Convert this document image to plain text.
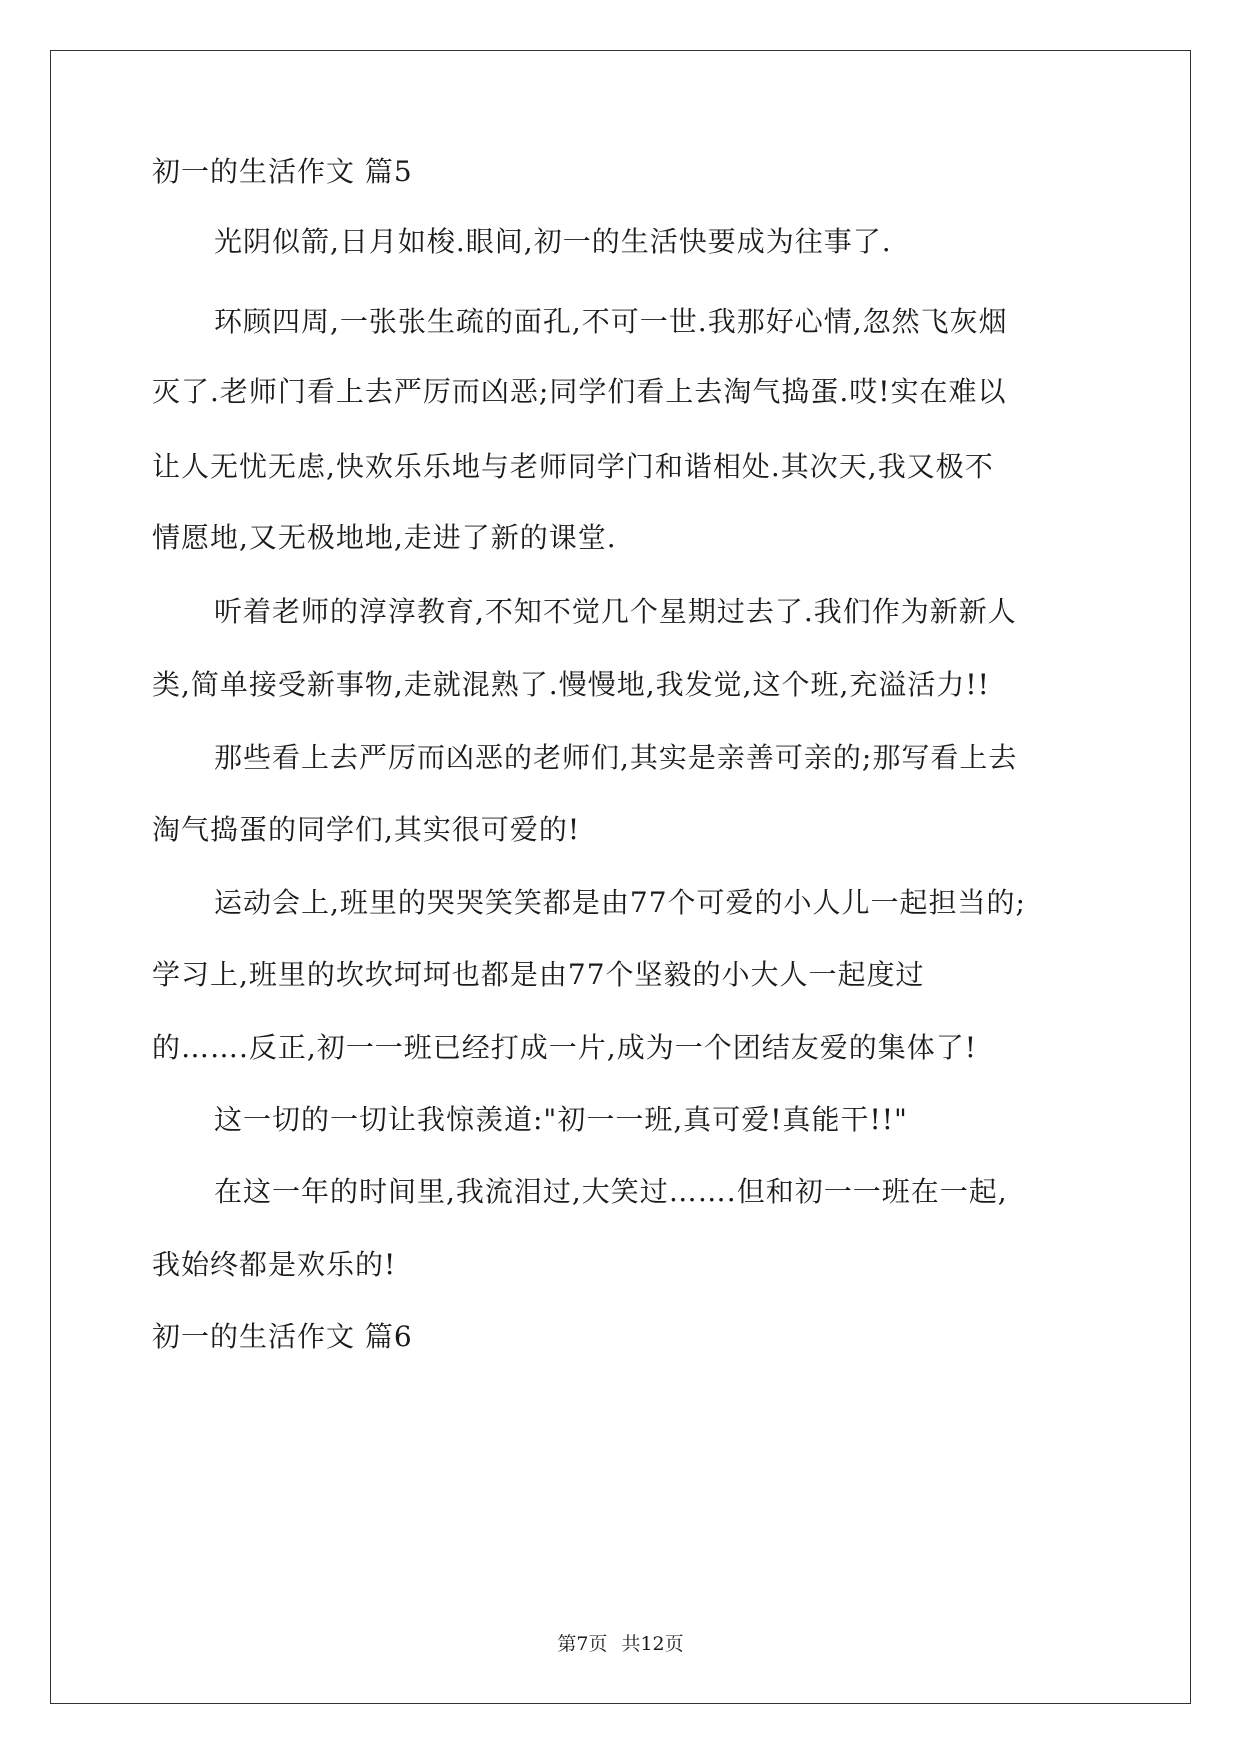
初一的生活作文 篇5
光阴似箭,日月如梭.眼间,初一的生活快要成为往事了.
环顾四周,一张张生疏的面孔,不可一世.我那好心情,忽然飞灰烟
灭了.老师门看上去严厉而凶恶;同学们看上去淘气捣蛋.哎!实在难以
让人无忧无虑,快欢乐乐地与老师同学门和谐相处.其次天,我又极不
情愿地,又无极地地,走进了新的课堂.
听着老师的淳淳教育,不知不觉几个星期过去了.我们作为新新人
类,简单接受新事物,走就混熟了.慢慢地,我发觉,这个班,充溢活力!!
那些看上去严厉而凶恶的老师们,其实是亲善可亲的;那写看上去
淘气捣蛋的同学们,其实很可爱的!
运动会上,班里的哭哭笑笑都是由77个可爱的小人儿一起担当的;
学习上,班里的坎坎坷坷也都是由77个坚毅的小大人一起度过
的…….反正,初一一班已经打成一片,成为一个团结友爱的集体了!
这一切的一切让我惊羡道:"初一一班,真可爱!真能干!!"
在这一年的时间里,我流泪过,大笑过…….但和初一一班在一起,
我始终都是欢乐的!
初一的生活作文 篇6
第7页 共12页
